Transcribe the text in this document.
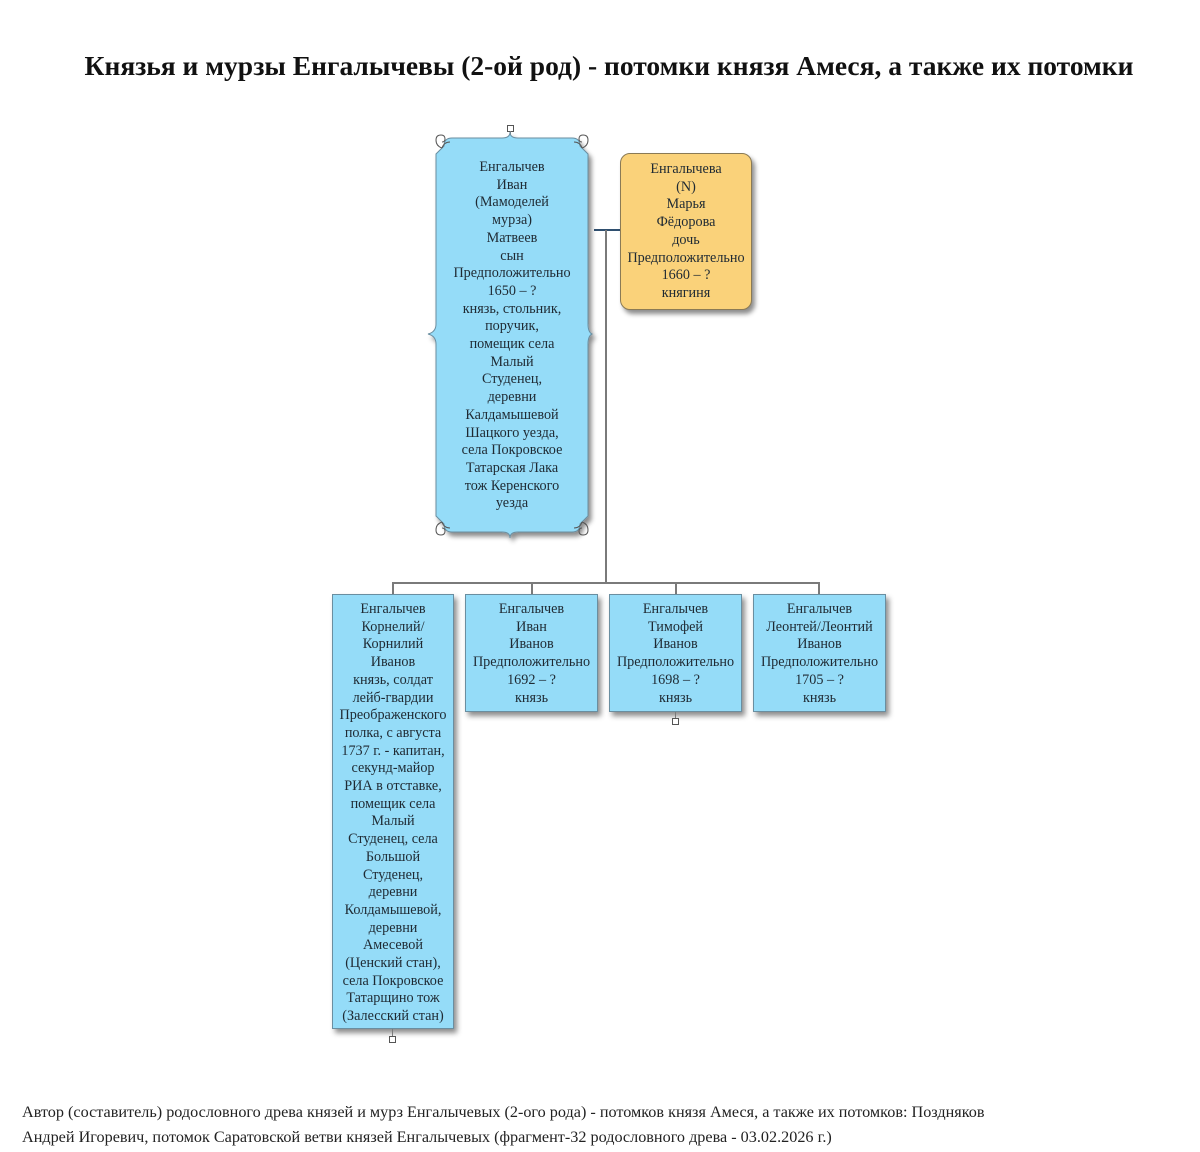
Князья и мурзы Енгалычевы (2-ой род) - потомки князя Амеся, а также их потомки
Енгалычев
Иван
(Мамоделей
мурза)
Матвеев
сын
Предположительно
1650 – ?
князь, стольник,
поручик,
помещик села
Малый
Студенец,
деревни
Калдамышевой
Шацкого уезда,
села Покровское
Татарская Лака
тож Керенского
уезда
Енгалычева
(N)
Марья
Фёдорова
дочь
Предположительно
1660 – ?
княгиня
Енгалычев
Корнелий/
Корнилий
Иванов
князь, солдат
лейб-гвардии
Преображенского
полка, с августа
1737 г. - капитан,
секунд-майор
РИА в отставке,
помещик села
Малый
Студенец, села
Большой
Студенец,
деревни
Колдамышевой,
деревни
Амесевой
(Ценский стан),
села Покровское
Татарщино тож
(Залесский стан)
Енгалычев
Иван
Иванов
Предположительно
1692 – ?
князь
Енгалычев
Тимофей
Иванов
Предположительно
1698 – ?
князь
Енгалычев
Леонтей/Леонтий
Иванов
Предположительно
1705 – ?
князь
Автор (составитель) родословного древа князей и мурз Енгалычевых (2-ого рода) - потомков князя Амеся, а также их потомков: Поздняков
Андрей Игоревич, потомок Саратовской ветви князей Енгалычевых (фрагмент-32 родословного древа - 03.02.2026 г.)
